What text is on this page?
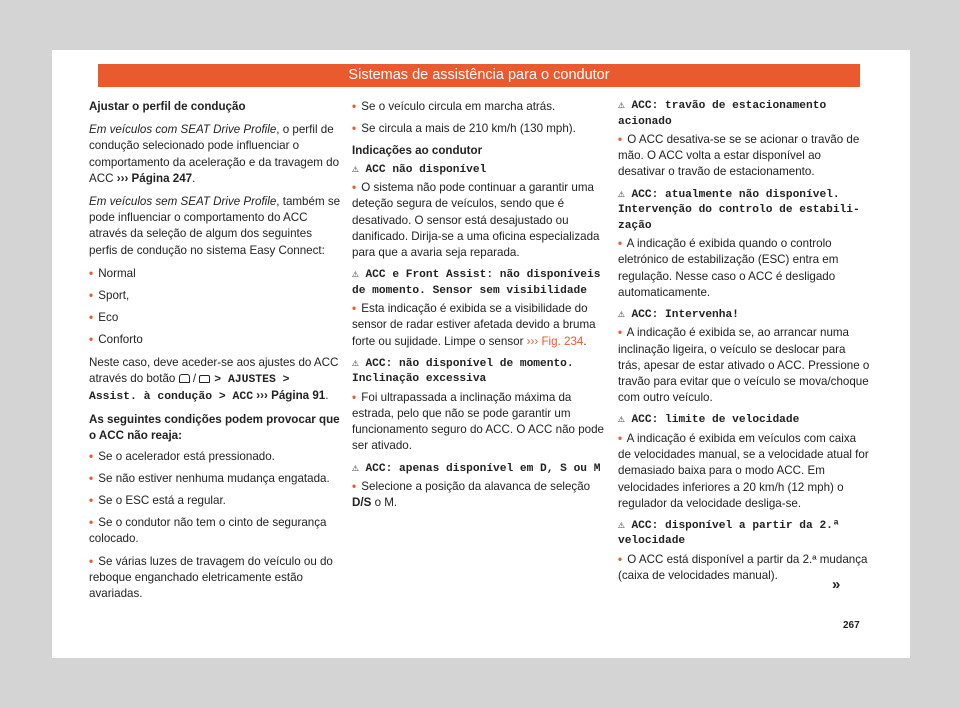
Sistemas de assistência para o condutor

Ajustar o perfil de condução

Em veículos com SEAT Drive Profile, o perfil de condução selecionado pode influenciar o comportamento da aceleração e da travagem do ACC ››› Página 247.

Em veículos sem SEAT Drive Profile, também se pode influenciar o comportamento do ACC através da seleção de algum dos seguintes perfis de condução no sistema Easy Connect:

• Normal
• Sport,
• Eco
• Conforto

Neste caso, deve aceder-se aos ajustes do ACC através do botão  / > AJUSTES > Assist. à condução > ACC ››› Página 91.

As seguintes condições podem provocar que o ACC não reaja:

• Se o acelerador está pressionado.
• Se não estiver nenhuma mudança engatada.
• Se o ESC está a regular.
• Se o condutor não tem o cinto de segurança colocado.
• Se várias luzes de travagem do veículo ou do reboque enganchado eletricamente estão avariadas.
• Se o veículo circula em marcha atrás.
• Se circula a mais de 210 km/h (130 mph).

Indicações ao condutor

⚠ ACC não disponível

• O sistema não pode continuar a garantir uma deteção segura de veículos, sendo que é desativado. O sensor está desajustado ou danificado. Dirija-se a uma oficina especializada para que a avaria seja reparada.

⚠ ACC e Front Assist: não disponíveis de momento. Sensor sem visibilidade

• Esta indicação é exibida se a visibilidade do sensor de radar estiver afetada devido a bruma forte ou sujidade. Limpe o sensor ››› Fig. 234.

⚠ ACC: não disponível de momento. Inclinação excessiva

• Foi ultrapassada a inclinação máxima da estrada, pelo que não se pode garantir um funcionamento seguro do ACC. O ACC não pode ser ativado.

⚠ ACC: apenas disponível em D, S ou M

• Selecione a posição da alavanca de seleção D/S o M.

⚠ ACC: travão de estacionamento acionado

• O ACC desativa-se se se acionar o travão de mão. O ACC volta a estar disponível ao desativar o travão de estacionamento.

⚠ ACC: atualmente não disponível. Intervenção do controlo de estabilização

• A indicação é exibida quando o controlo eletrónico de estabilização (ESC) entra em regulação. Nesse caso o ACC é desligado automaticamente.

⚠ ACC: Intervenha!

• A indicação é exibida se, ao arrancar numa inclinação ligeira, o veículo se deslocar para trás, apesar de estar ativado o ACC. Pressione o travão para evitar que o veículo se mova/choque com outro veículo.

⚠ ACC: limite de velocidade

• A indicação é exibida em veículos com caixa de velocidades manual, se a velocidade atual for demasiado baixa para o modo ACC. Em velocidades inferiores a 20 km/h (12 mph) o regulador da velocidade desliga-se.

⚠ ACC: disponível a partir da 2.ª velocidade

• O ACC está disponível a partir da 2.ª mudança (caixa de velocidades manual).

»
267
